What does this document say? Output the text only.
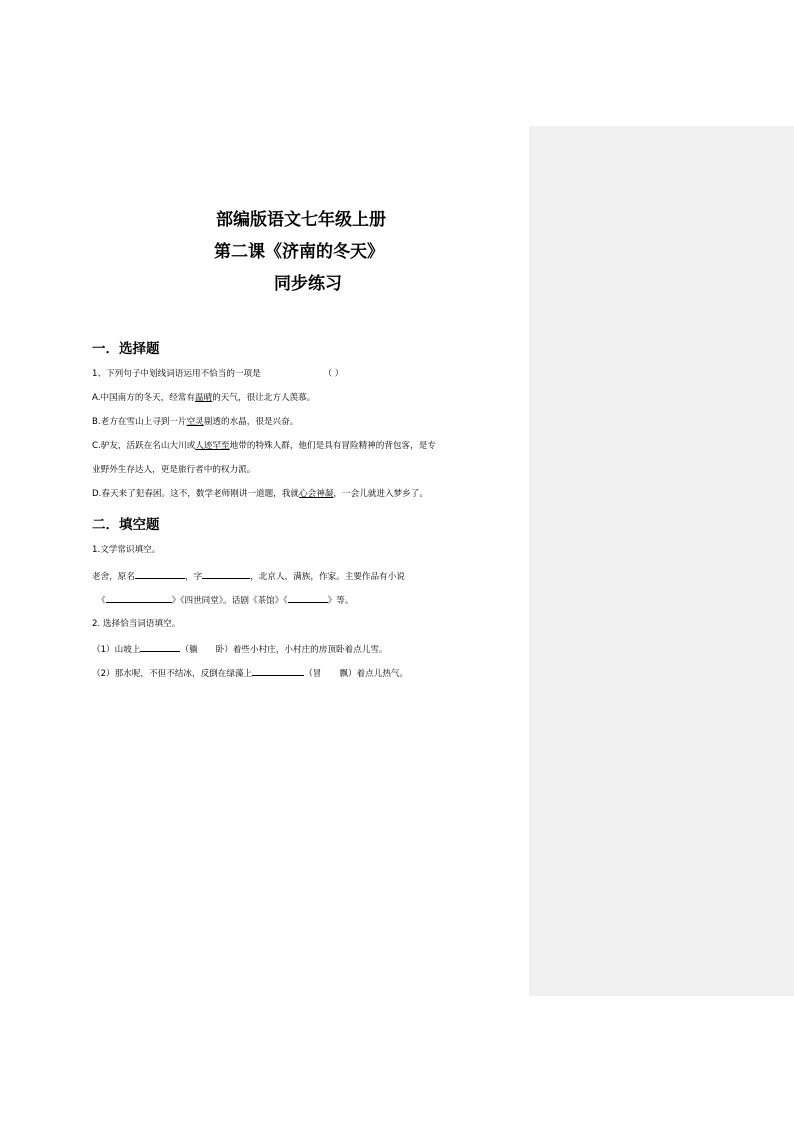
部编版语文七年级上册
第二课《济南的冬天》
同步练习
一．选择题
1、下列句子中划线词语运用不恰当的一项是	（ ）
A.中国南方的冬天，经常有温晴的天气，很让北方人羡慕。
B.老方在雪山上寻到一片空灵剔透的水晶，很是兴奋。
C.驴友，活跃在名山大川或人迹罕至地带的特殊人群，他们是具有冒险精神的背包客，是专
业野外生存达人，更是旅行者中的权力派。
D.春天来了犯春困。这不，数学老师刚讲一道题，我就心会神凝，一会儿就进入梦乡了。
二．填空题
1.文学常识填空。
老舍，原名	，字	，北京人，满族，作家。主要作品有小说
《	》《四世同堂》。话剧《茶馆》《	》等。
2. 选择恰当词语填空。
（1）山坡上	（躺 卧）着些小村庄，小村庄的房顶卧着点儿雪。
（2）那水呢，不但不结冰，反倒在绿藻上	（冒 飘）着点儿热气。
